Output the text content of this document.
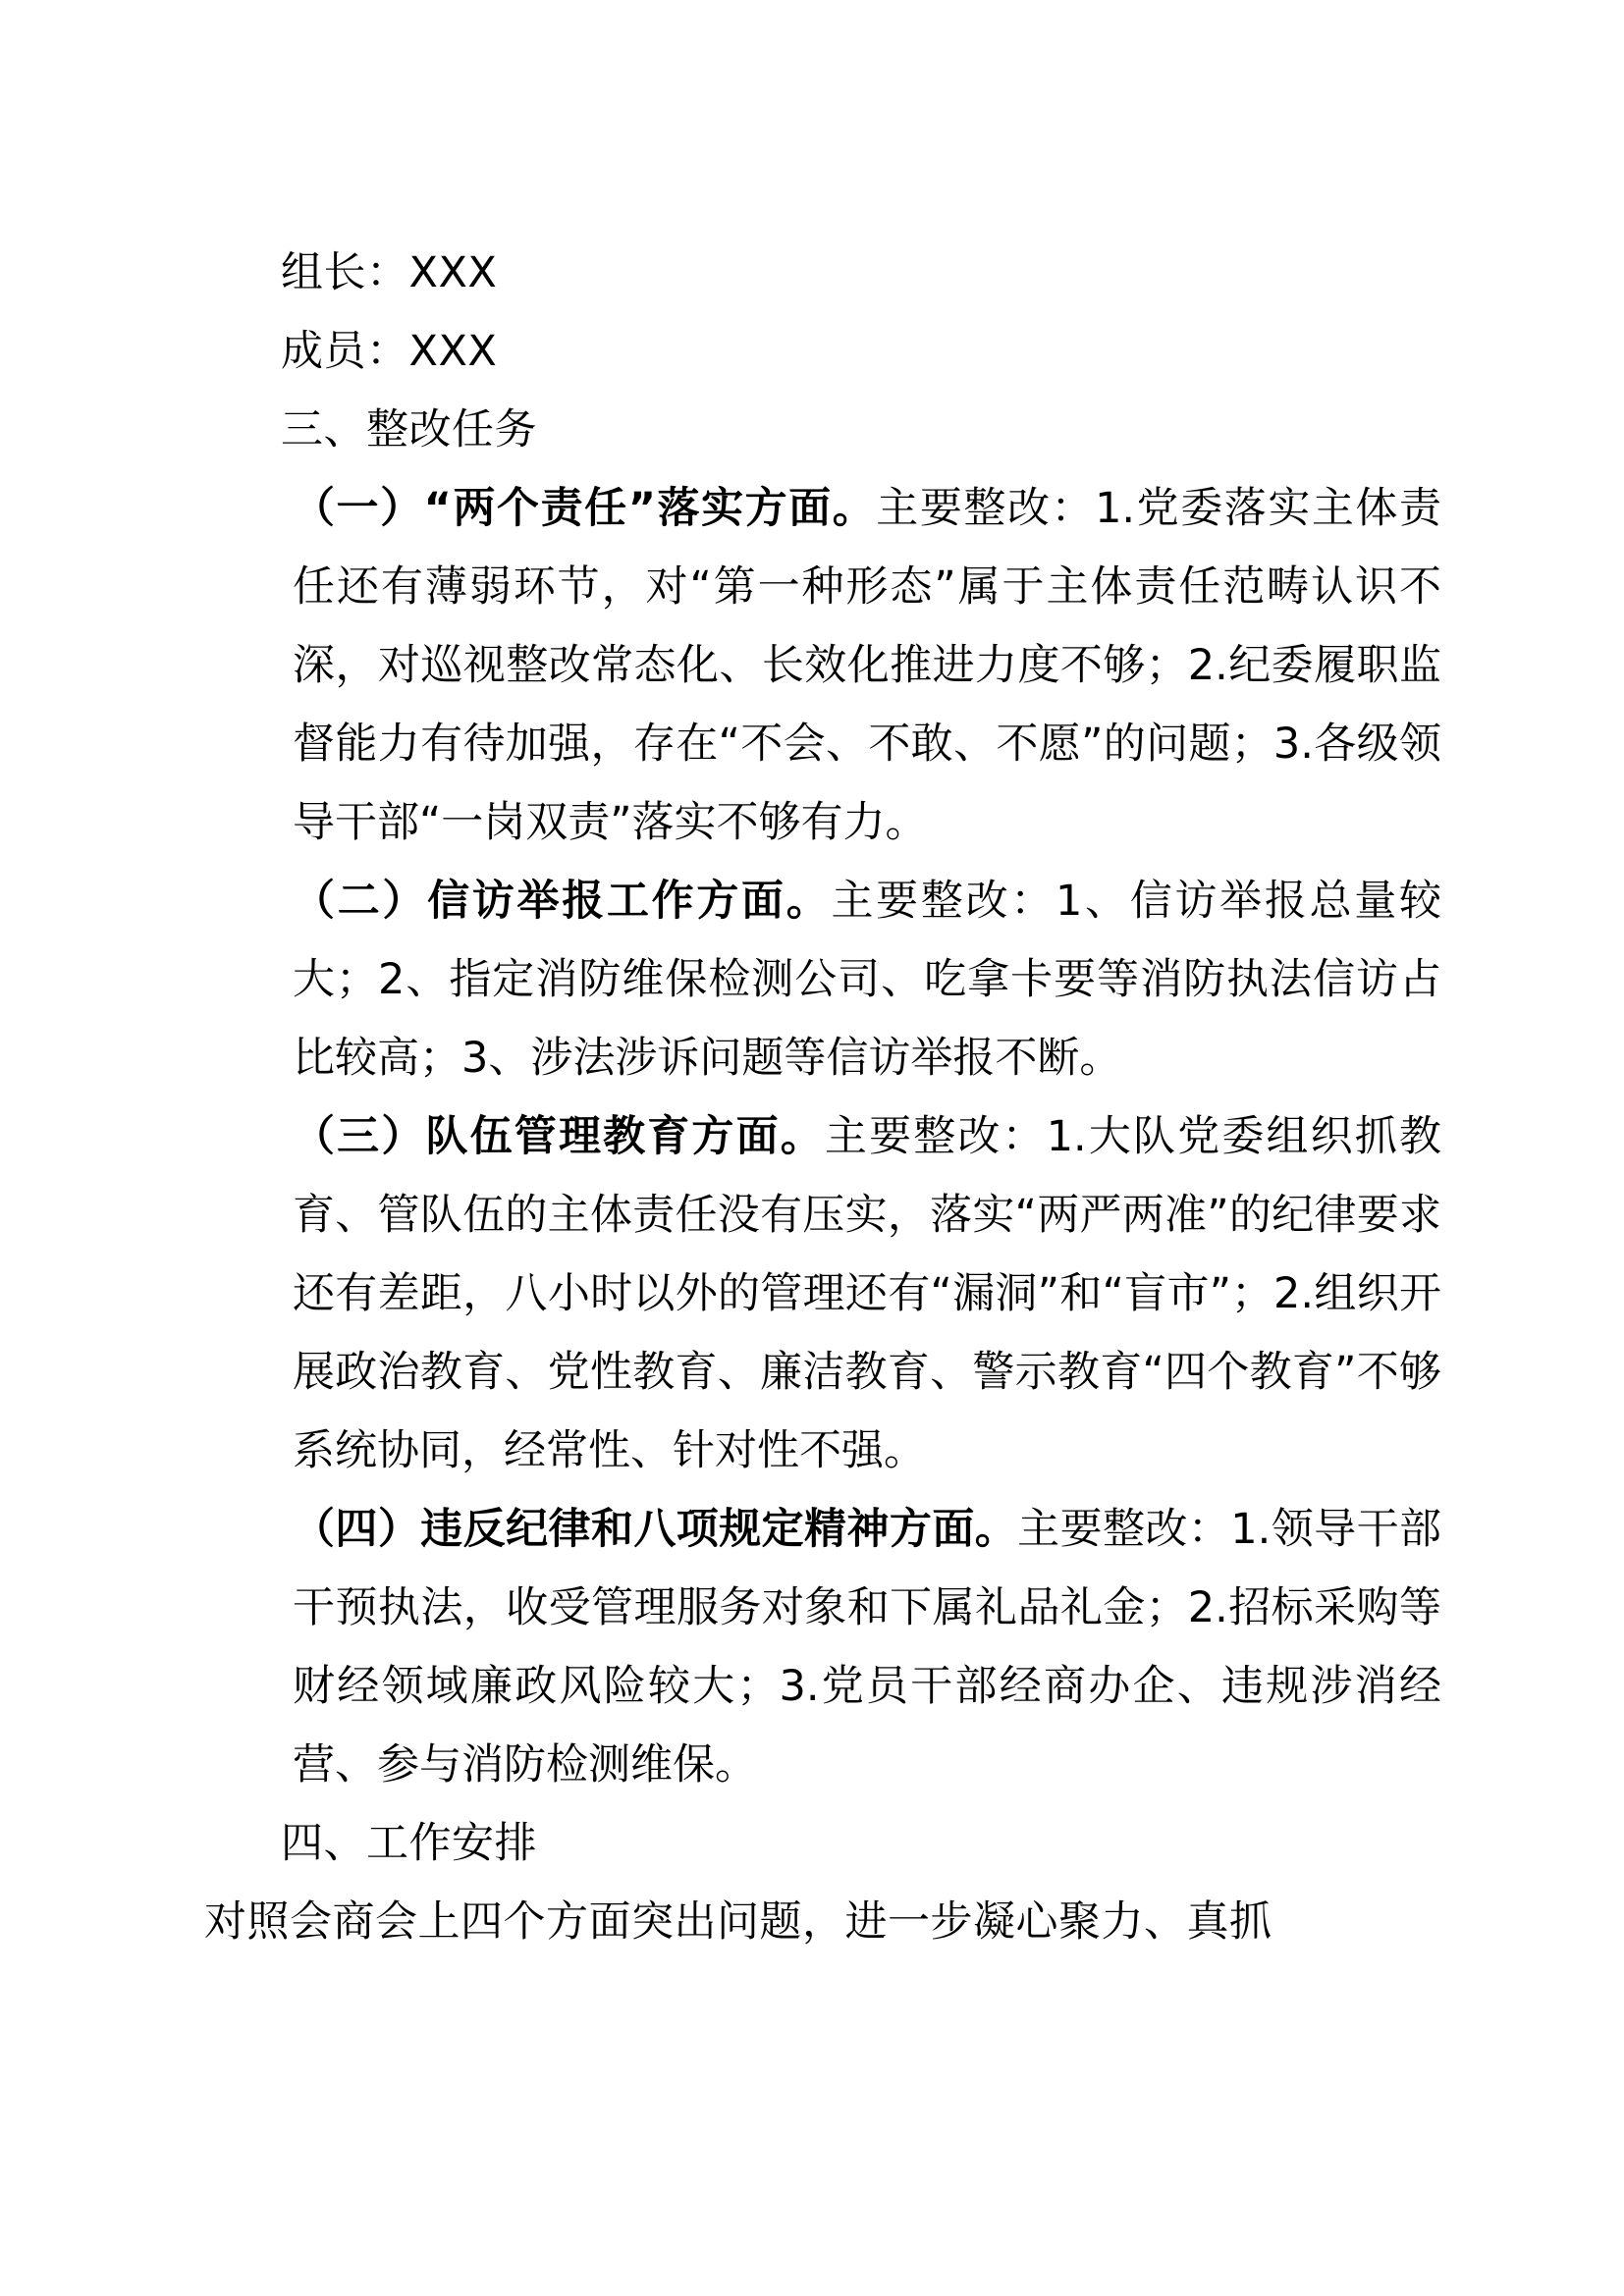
组长：XXX
成员：XXX
三、整改任务

（一）“两个责任”落实方面。主要整改：1.党委落实主体责任还有薄弱环节，对“第一种形态”属于主体责任范畴认识不深，对巡视整改常态化、长效化推进力度不够；2.纪委履职监督能力有待加强，存在“不会、不敢、不愿”的问题；3.各级领导干部“一岗双责”落实不够有力。

（二）信访举报工作方面。主要整改：1、信访举报总量较大；2、指定消防维保检测公司、吃拿卡要等消防执法信访占比较高；3、涉法涉诉问题等信访举报不断。

（三）队伍管理教育方面。主要整改：1.大队党委组织抓教育、管队伍的主体责任没有压实，落实“两严两准”的纪律要求还有差距，八小时以外的管理还有“漏洞”和“盲市”；2.组织开展政治教育、党性教育、廉洁教育、警示教育“四个教育”不够系统协同，经常性、针对性不强。

（四）违反纪律和八项规定精神方面。主要整改：1.领导干部干预执法，收受管理服务对象和下属礼品礼金；2.招标采购等财经领域廉政风险较大；3.党员干部经商办企、违规涉消经营、参与消防检测维保。

四、工作安排
对照会商会上四个方面突出问题，进一步凝心聚力、真抓
